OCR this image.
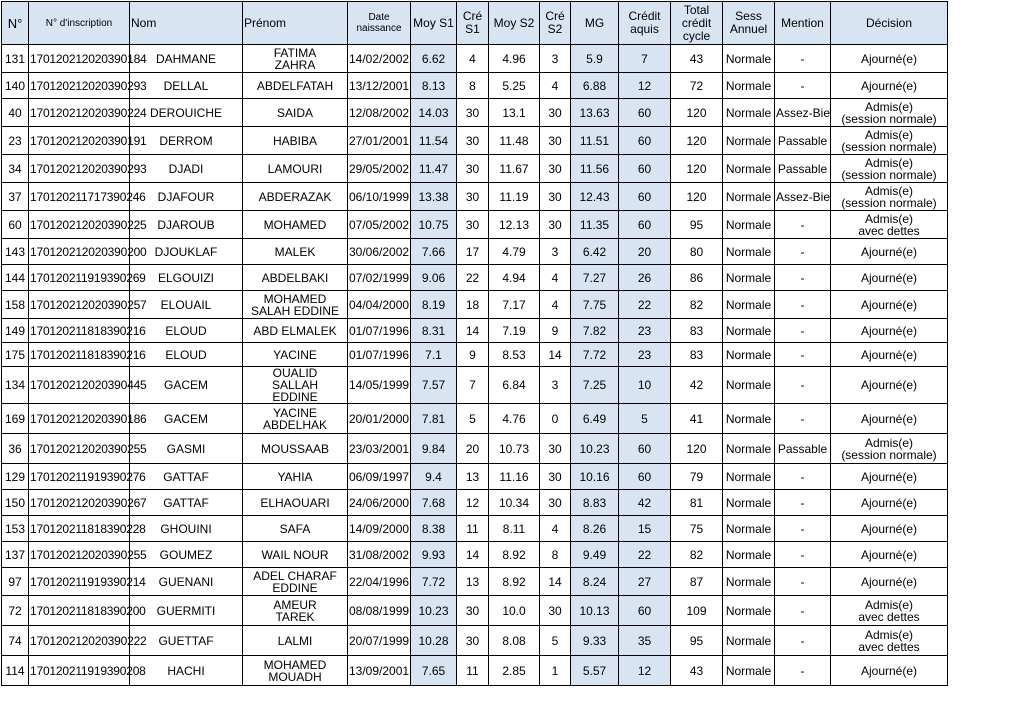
N°	N° d'inscription	Nom	Prénom	Date naissance	Moy S1	Cré S1	Moy S2	Cré S2	MG	Crédit aquis	Total crédit cycle	Sess Annuel	Mention	Décision
131	170120212020390184	DAHMANE	FATIMA
ZAHRA	14/02/2002	6.62	4	4.96	3	5.9	7	43	Normale	-	Ajourné(e)

140	170120212020390293	DELLAL	ABDELFATAH	13/12/2001	8.13	8	5.25	4	6.88	12	72	Normale	-	Ajourné(e)

40	170120212020390224	DEROUICHE	SAIDA	12/08/2002	14.03	30	13.1	30	13.63	60	120	Normale	Assez-Bie	Admis(e)
(session normale)

23	170120212020390191	DERROM	HABIBA	27/01/2001	11.54	30	11.48	30	11.51	60	120	Normale	Passable	Admis(e)
(session normale)

34	170120212020390293	DJADI	LAMOURI	29/05/2002	11.47	30	11.67	30	11.56	60	120	Normale	Passable	Admis(e)
(session normale)

37	170120211717390246	DJAFOUR	ABDERAZAK	06/10/1999	13.38	30	11.19	30	12.43	60	120	Normale	Assez-Bie	Admis(e)
(session normale)

60	170120212020390225	DJAROUB	MOHAMED	07/05/2002	10.75	30	12.13	30	11.35	60	95	Normale	-	Admis(e)
avec dettes

143	170120212020390200	DJOUKLAF	MALEK	30/06/2002	7.66	17	4.79	3	6.42	20	80	Normale	-	Ajourné(e)

144	170120211919390269	ELGOUIZI	ABDELBAKI	07/02/1999	9.06	22	4.94	4	7.27	26	86	Normale	-	Ajourné(e)

158	170120212020390257	ELOUAIL	MOHAMED
SALAH EDDINE	04/04/2000	8.19	18	7.17	4	7.75	22	82	Normale	-	Ajourné(e)

149	170120211818390216	ELOUD	ABD ELMALEK	01/07/1996	8.31	14	7.19	9	7.82	23	83	Normale	-	Ajourné(e)

175	170120211818390216	ELOUD	YACINE	01/07/1996	7.1	9	8.53	14	7.72	23	83	Normale	-	Ajourné(e)

134	170120212020390445	GACEM	OUALID
SALLAH
EDDINE	14/05/1999	7.57	7	6.84	3	7.25	10	42	Normale	-	Ajourné(e)

169	170120212020390186	GACEM	YACINE
ABDELHAK	20/01/2000	7.81	5	4.76	0	6.49	5	41	Normale	-	Ajourné(e)

36	170120212020390255	GASMI	MOUSSAAB	23/03/2001	9.84	20	10.73	30	10.23	60	120	Normale	Passable	Admis(e)
(session normale)

129	170120211919390276	GATTAF	YAHIA	06/09/1997	9.4	13	11.16	30	10.16	60	79	Normale	-	Ajourné(e)

150	170120212020390267	GATTAF	ELHAOUARI	24/06/2000	7.68	12	10.34	30	8.83	42	81	Normale	-	Ajourné(e)

153	170120211818390228	GHOUINI	SAFA	14/09/2000	8.38	11	8.11	4	8.26	15	75	Normale	-	Ajourné(e)

137	170120212020390255	GOUMEZ	WAIL NOUR	31/08/2002	9.93	14	8.92	8	9.49	22	82	Normale	-	Ajourné(e)

97	170120211919390214	GUENANI	ADEL CHARAF
EDDINE	22/04/1996	7.72	13	8.92	14	8.24	27	87	Normale	-	Ajourné(e)

72	170120211818390200	GUERMITI	AMEUR
TAREK	08/08/1999	10.23	30	10.0	30	10.13	60	109	Normale	-	Admis(e)
avec dettes

74	170120212020390222	GUETTAF	LALMI	20/07/1999	10.28	30	8.08	5	9.33	35	95	Normale	-	Admis(e)
avec dettes

114	170120211919390208	HACHI	MOHAMED
MOUADH	13/09/2001	7.65	11	2.85	1	5.57	12	43	Normale	-	Ajourné(e)
